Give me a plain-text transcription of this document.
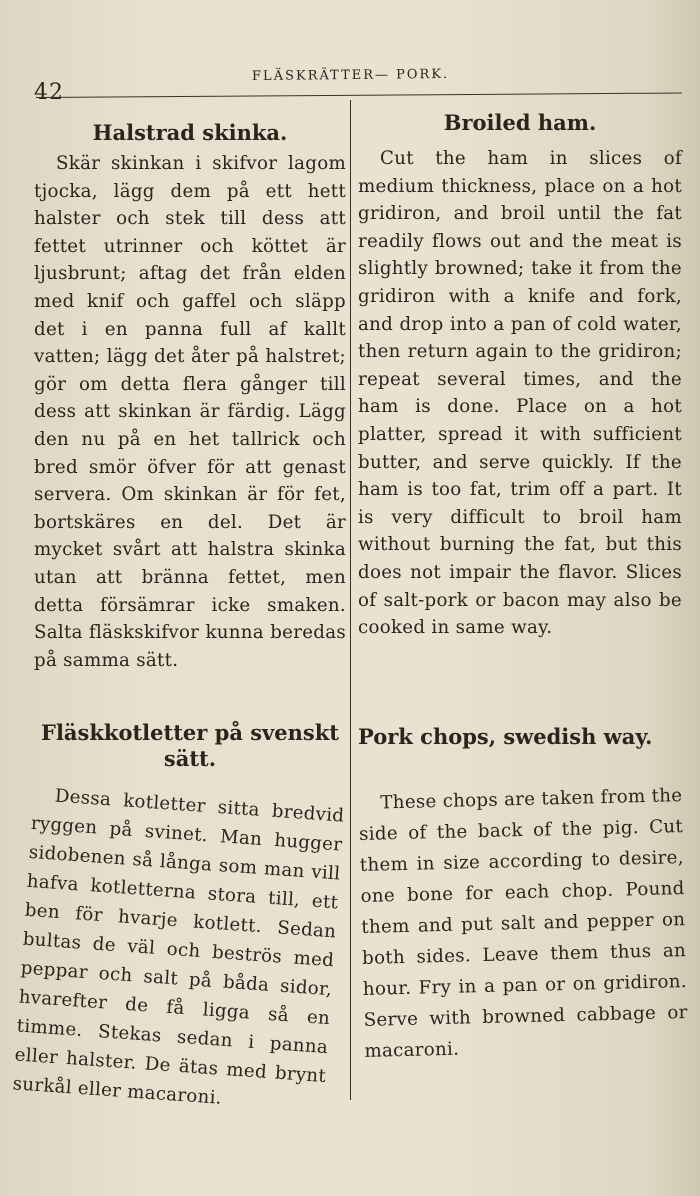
42
FLÄSKRÄTTER— PORK.
Halstrad skinka.

Skär skinkan i skifvor lagom tjocka, lägg dem på ett hett halster och stek till dess att fettet utrinner och köttet är ljusbrunt; aftag det från elden med knif och gaffel och släpp det i en panna full af kallt vatten; lägg det åter på halstret; gör om detta flera gånger till dess att skinkan är färdig. Lägg den nu på en het tallrick och bred smör öfver för att genast servera. Om skinkan är för fet, bortskäres en del. Det är mycket svårt att halstra skinka utan att bränna fettet, men detta försämrar icke smaken. Salta fläskskifvor kunna beredas på samma sätt.

Broiled ham.

Cut the ham in slices of medium thickness, place on a hot gridiron, and broil until the fat readily flows out and the meat is slightly browned; take it from the gridiron with a knife and fork, and drop into a pan of cold water, then return again to the gridiron; repeat several times, and the ham is done. Place on a hot platter, spread it with sufficient butter, and serve quickly. If the ham is too fat, trim off a part. It is very difficult to broil ham without burning the fat, but this does not impair the flavor. Slices of salt-pork or bacon may also be cooked in same way.

Fläskkotletter på svenskt sätt.

Dessa kotletter sitta bredvid ryggen på svinet. Man hugger sidobenen så långa som man vill hafva kotletterna stora till, ett ben för hvarje kotlett. Sedan bultas de väl och beströs med peppar och salt på båda sidor, hvarefter de få ligga så en timme. Stekas sedan i panna eller halster. De ätas med brynt surkål eller macaroni.

Pork chops, swedish way.

These chops are taken from the side of the back of the pig. Cut them in size according to desire, one bone for each chop. Pound them and put salt and pepper on both sides. Leave them thus an hour. Fry in a pan or on gridiron. Serve with browned cabbage or macaroni.
